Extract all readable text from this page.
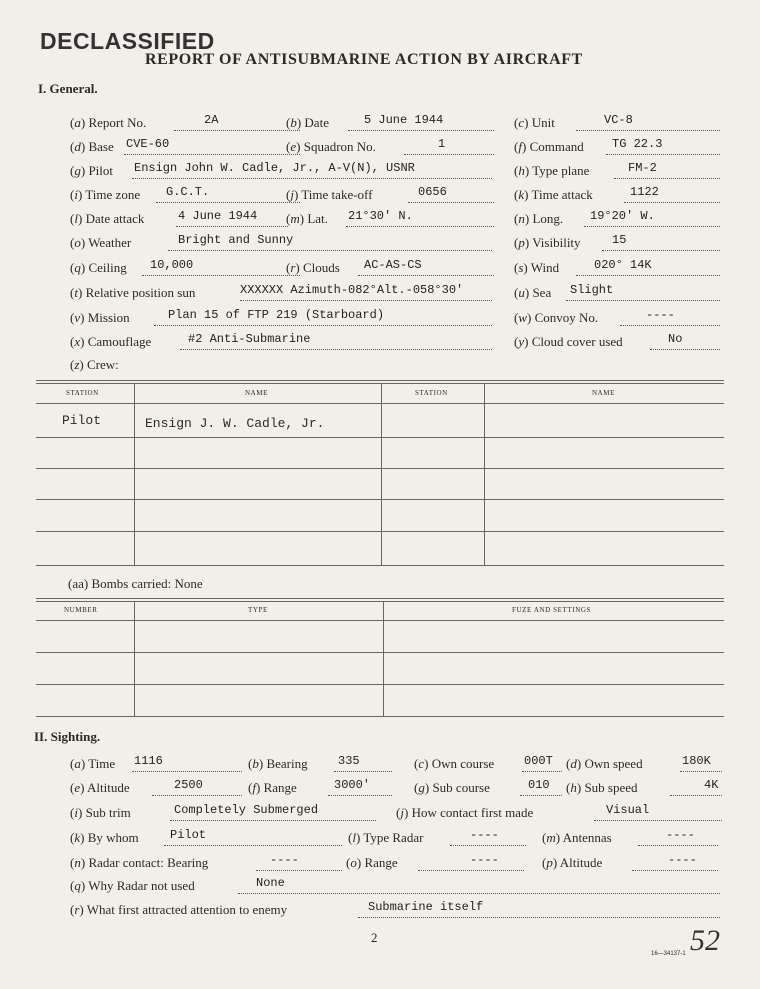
DECLASSIFIED
REPORT OF ANTISUBMARINE ACTION BY AIRCRAFT
I. General.
(a) Report No.	2A	(b) Date	5 June 1944	(c) Unit	VC-8
(d) Base CVE-60	(e) Squadron No.	1	(f) Command TG 22.3
(g) Pilot Ensign John W. Cadle, Jr., A-V(N), USNR	(h) Type plane	FM-2
(i) Time zone G.C.T.	(j) Time take-off	0656	(k) Time attack	1122
(l) Date attack	4 June 1944 (m) Lat. 21°30' N.	(n) Long. 19°20' W.
(o) Weather	Bright and Sunny	(p) Visibility	15
(q) Ceiling 10,000	(r) Clouds AC-AS-CS	(s) Wind	020° 14K
(t) Relative position sun	XXXXXX Azimuth-082°Alt.-058°30'	(u) Sea Slight
(v) Mission	Plan 15 of FTP 219 (Starboard)	(w) Convoy No.	----
(x) Camouflage	#2 Anti-Submarine	(y) Cloud cover used	No
(z) Crew:
STATION	NAME	STATION	NAME
Pilot	Ensign J. W. Cadle, Jr.
(aa) Bombs carried: None
NUMBER	TYPE	FUZE AND SETTINGS
II. Sighting.
(a) Time 1116	(b) Bearing	335	(c) Own course 000T (d) Own speed	180K
(e) Altitude	2500	(f) Range	3000'	(g) Sub course	010 (h) Sub speed	4K
(i) Sub trim	Completely Submerged	(j) How contact first made	Visual
(k) By whom	Pilot	(l) Type Radar	----	(m) Antennas	----
(n) Radar contact: Bearing	----	(o) Range	----	(p) Altitude	----
(q) Why Radar not used	None
(r) What first attracted attention to enemy	Submarine itself
2
16—34137-1 52
